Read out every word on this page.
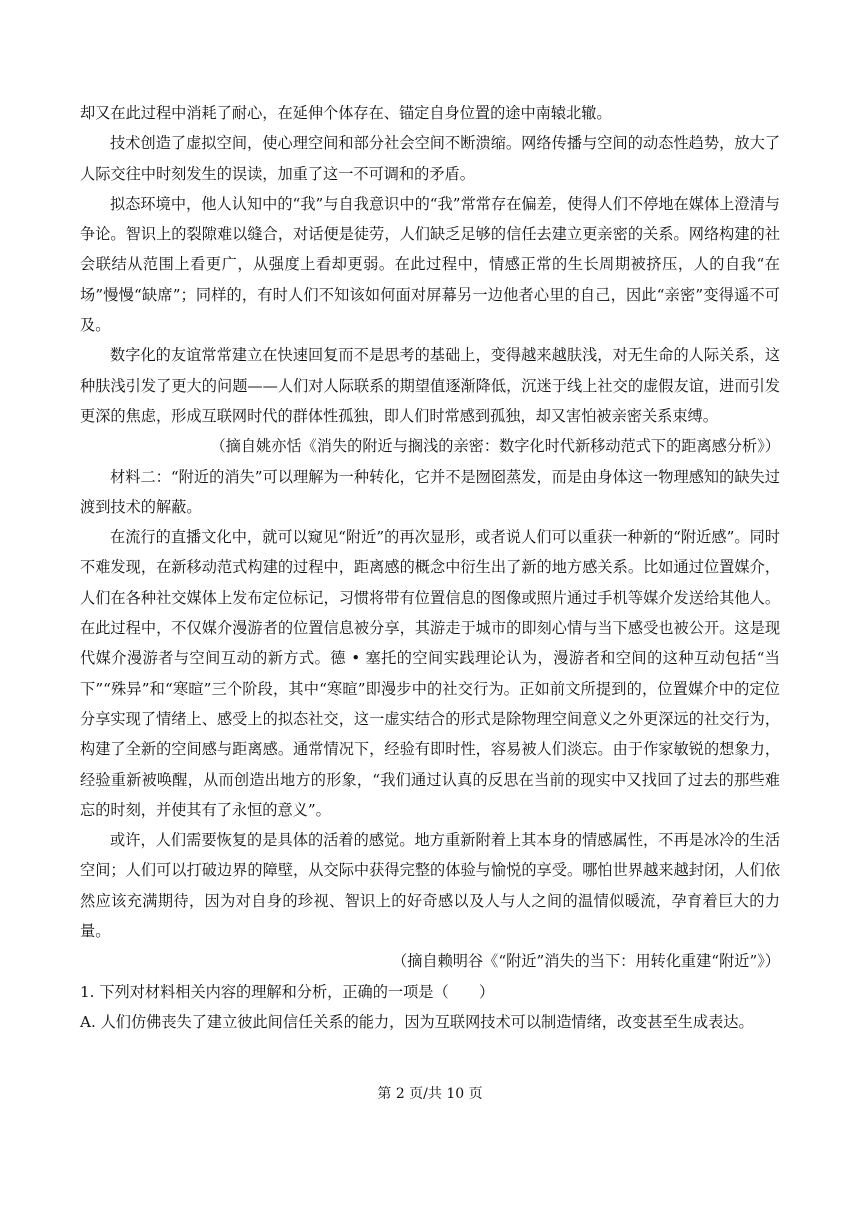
却又在此过程中消耗了耐心，在延伸个体存在、锚定自身位置的途中南辕北辙。

技术创造了虚拟空间，使心理空间和部分社会空间不断溃缩。网络传播与空间的动态性趋势，放大了人际交往中时刻发生的误读，加重了这一不可调和的矛盾。

拟态环境中，他人认知中的“我”与自我意识中的“我”常常存在偏差，使得人们不停地在媒体上澄清与争论。智识上的裂隙难以缝合，对话便是徒劳，人们缺乏足够的信任去建立更亲密的关系。网络构建的社会联结从范围上看更广，从强度上看却更弱。在此过程中，情感正常的生长周期被挤压，人的自我“在场”慢慢“缺席”；同样的，有时人们不知该如何面对屏幕另一边他者心里的自己，因此“亲密”变得遥不可及。

数字化的友谊常常建立在快速回复而不是思考的基础上，变得越来越肤浅，对无生命的人际关系，这种肤浅引发了更大的问题——人们对人际联系的期望值逐渐降低，沉迷于线上社交的虚假友谊，进而引发更深的焦虑，形成互联网时代的群体性孤独，即人们时常感到孤独，却又害怕被亲密关系束缚。

（摘自姚亦恬《消失的附近与搁浅的亲密：数字化时代新移动范式下的距离感分析》）

材料二：“附近的消失”可以理解为一种转化，它并不是囫囵蒸发，而是由身体这一物理感知的缺失过渡到技术的解蔽。

在流行的直播文化中，就可以窥见“附近”的再次显形，或者说人们可以重获一种新的“附近感”。同时不难发现，在新移动范式构建的过程中，距离感的概念中衍生出了新的地方感关系。比如通过位置媒介，人们在各种社交媒体上发布定位标记，习惯将带有位置信息的图像或照片通过手机等媒介发送给其他人。在此过程中，不仅媒介漫游者的位置信息被分享，其游走于城市的即刻心情与当下感受也被公开。这是现代媒介漫游者与空间互动的新方式。德 • 塞托的空间实践理论认为，漫游者和空间的这种互动包括“当下”“殊异”和“寒暄”三个阶段，其中“寒暄”即漫步中的社交行为。正如前文所提到的，位置媒介中的定位分享实现了情绪上、感受上的拟态社交，这一虚实结合的形式是除物理空间意义之外更深远的社交行为，构建了全新的空间感与距离感。通常情况下，经验有即时性，容易被人们淡忘。由于作家敏锐的想象力，经验重新被唤醒，从而创造出地方的形象，“我们通过认真的反思在当前的现实中又找回了过去的那些难忘的时刻，并使其有了永恒的意义”。

或许，人们需要恢复的是具体的活着的感觉。地方重新附着上其本身的情感属性，不再是冰冷的生活空间；人们可以打破边界的障壁，从交际中获得完整的体验与愉悦的享受。哪怕世界越来越封闭，人们依然应该充满期待，因为对自身的珍视、智识上的好奇感以及人与人之间的温情似暖流，孕育着巨大的力量。

（摘自赖明谷《“附近”消失的当下：用转化重建“附近”》）

1. 下列对材料相关内容的理解和分析，正确的一项是（　　）

A. 人们仿佛丧失了建立彼此间信任关系的能力，因为互联网技术可以制造情绪，改变甚至生成表达。

第 2 页/共 10 页
